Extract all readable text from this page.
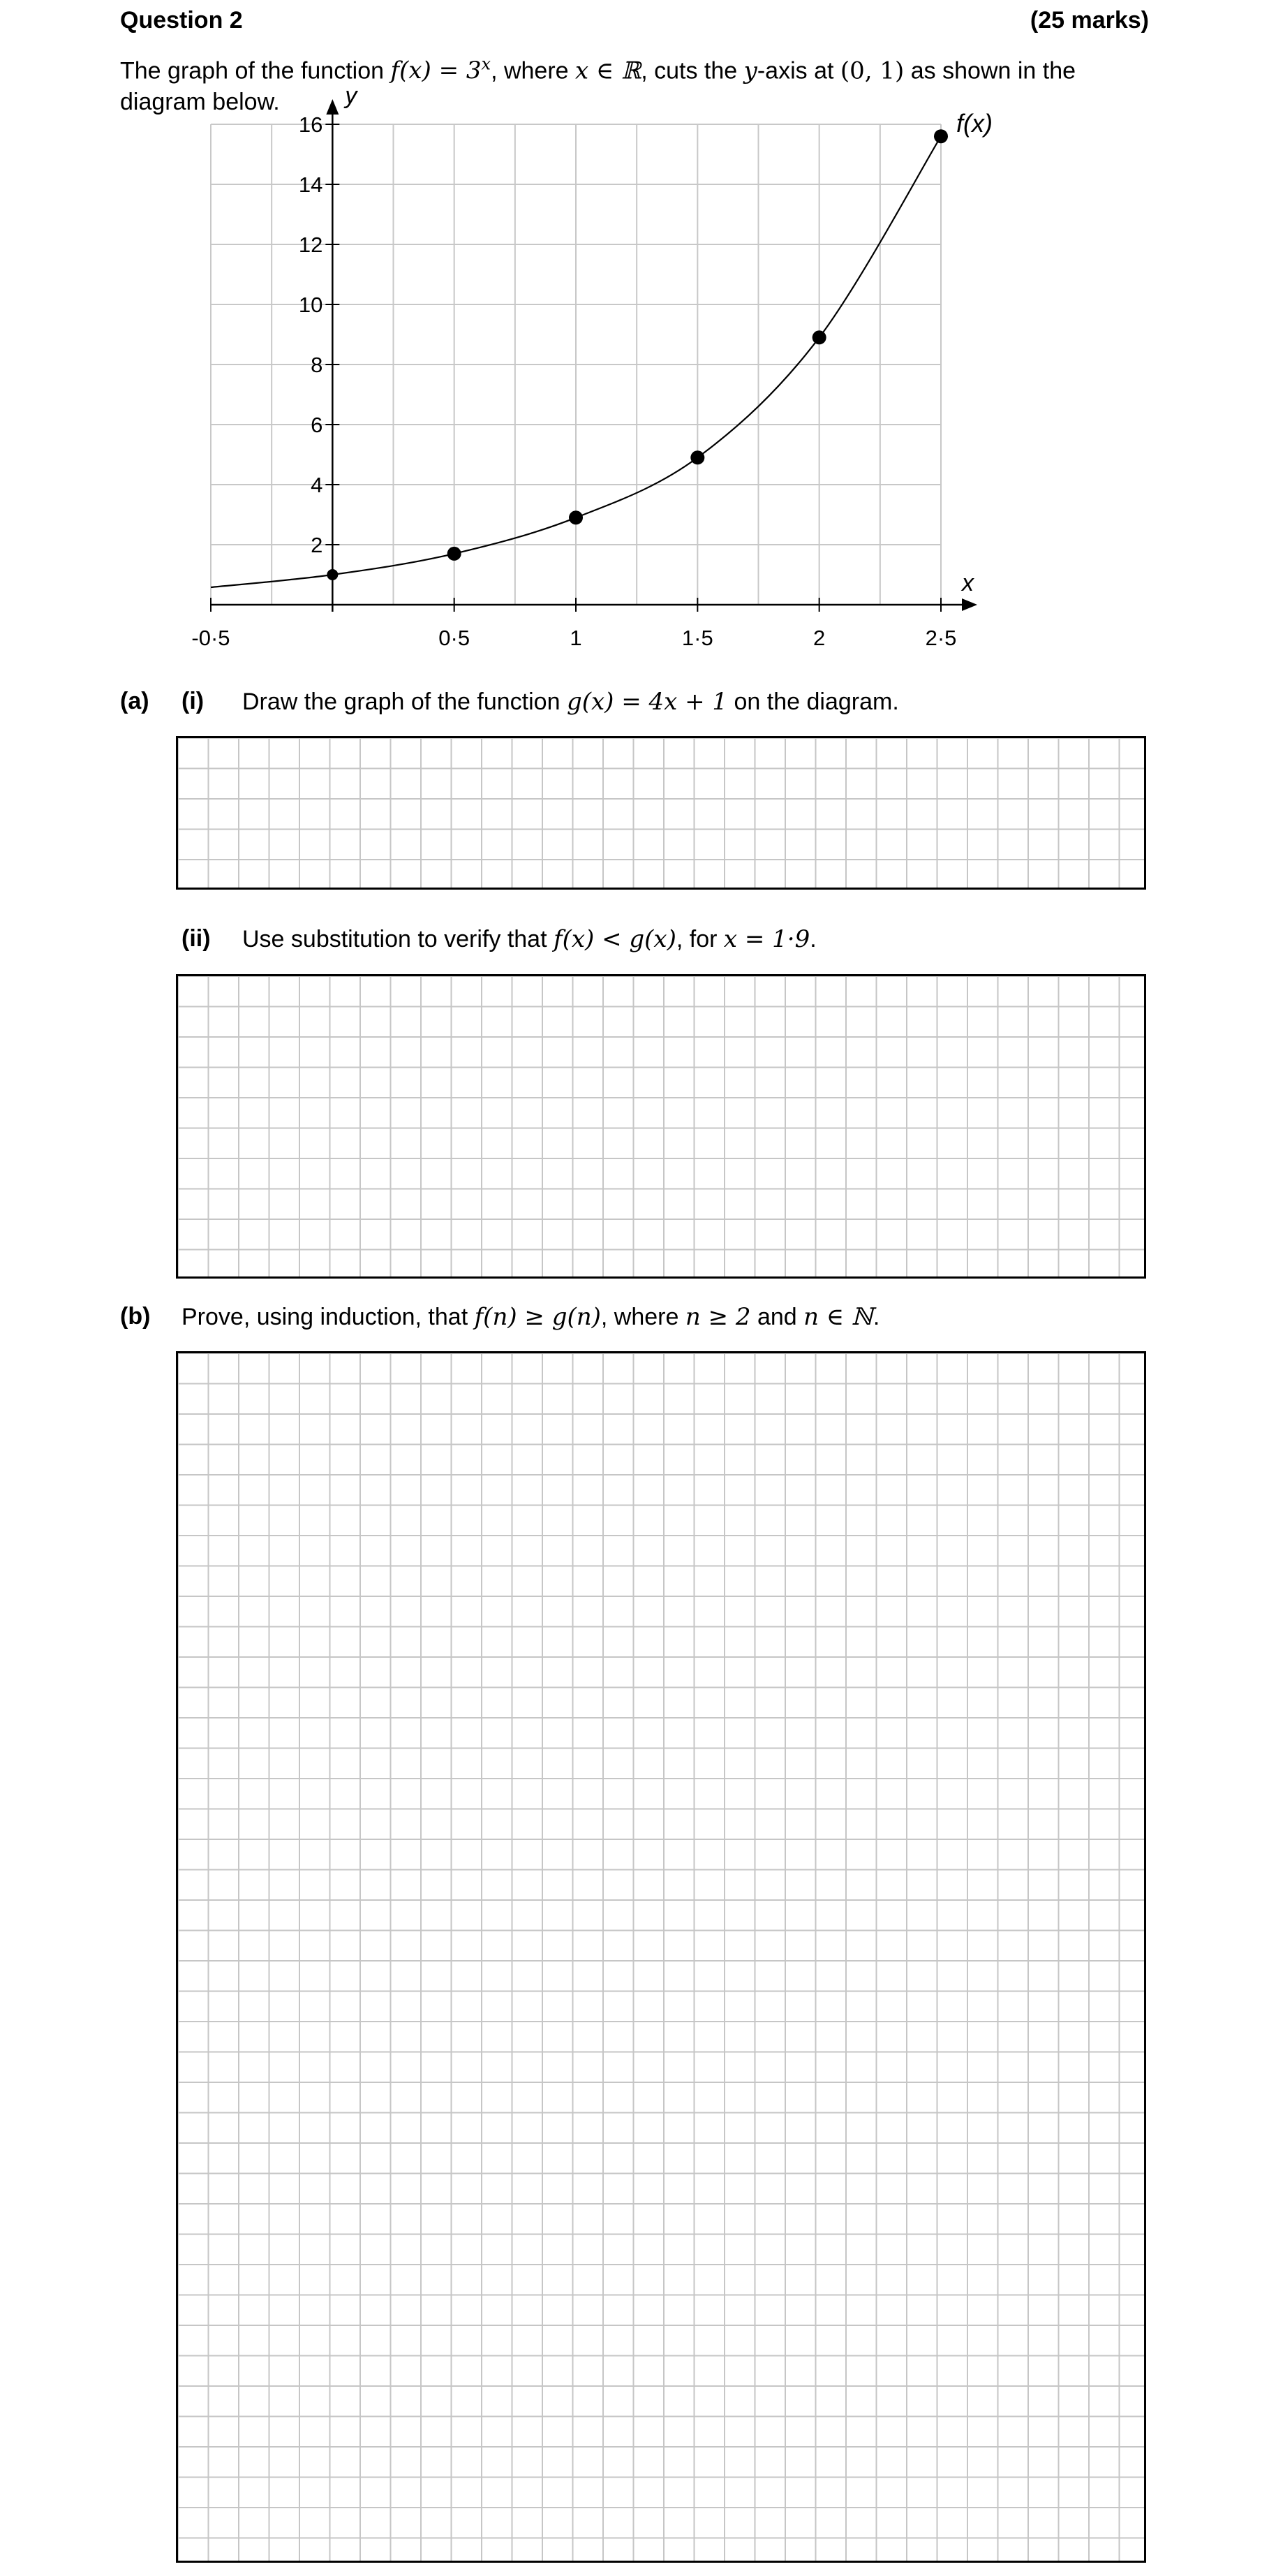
Question 2	(25 marks)
The graph of the function $f(x) = 3^x$, where x ∈ ℝ, cuts the y-axis at (0, 1) as shown in the diagram below.
x
y
-0·5	0·5	1	1·5	2	2·5
2
4
6
8
10
12
14
16	f(x)
(a) (i) Draw the graph of the function g(x) = 4x + 1 on the diagram.
(ii) Use substitution to verify that f(x) < g(x), for x = 1·9.
(b) Prove, using induction, that f(n) ≥ g(n), where n ≥ 2 and n ∈ ℕ.
